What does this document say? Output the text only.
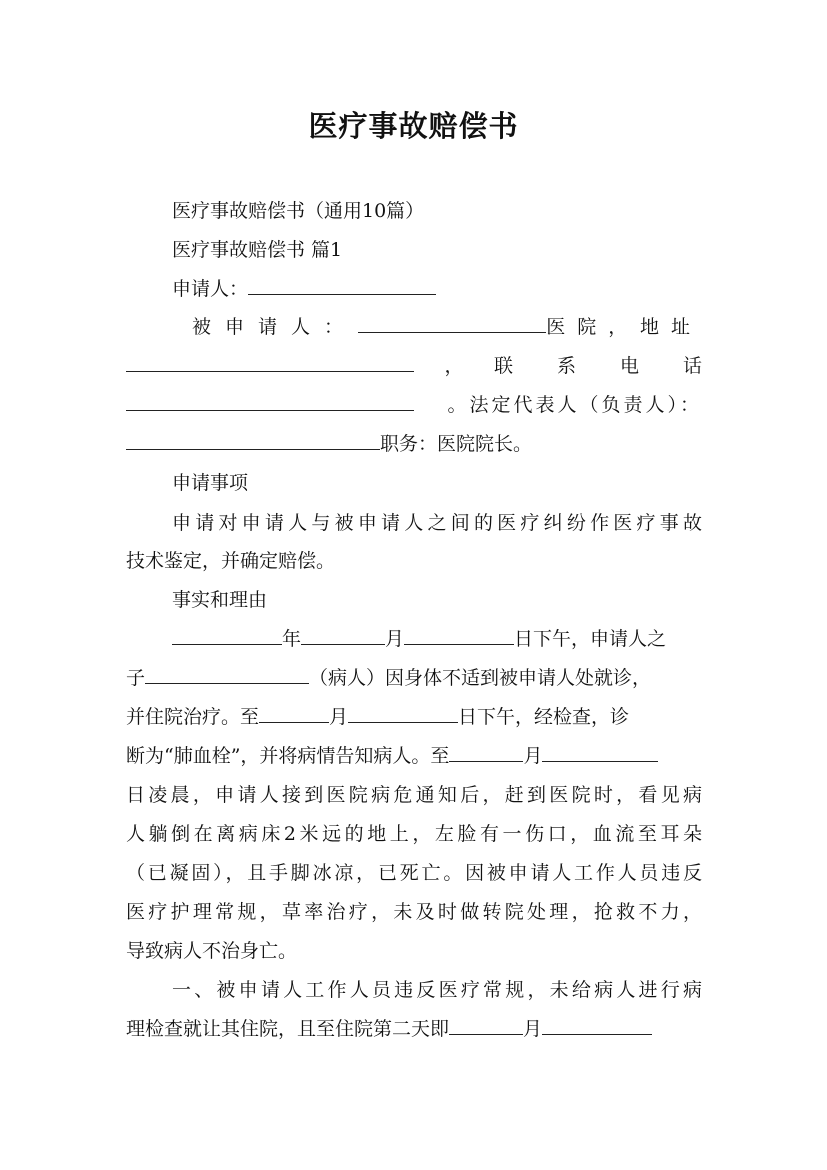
医疗事故赔偿书
医疗事故赔偿书（通用10篇）
医疗事故赔偿书 篇1
申请人：
被申请人：	医院， 地址
， 联系电话
。法定代表人（负责人）：
职务：医院院长。
申请事项
申请对申请人与被申请人之间的医疗纠纷作医疗事故
技术鉴定，并确定赔偿。
事实和理由
年	月	日下午，申请人之
子	（病人）因身体不适到被申请人处就诊，
并住院治疗。至	月	日下午，经检查，诊
断为“肺血栓”，并将病情告知病人。至	月
日凌晨，申请人接到医院病危通知后，赶到医院时，看见病
人躺倒在离病床2米远的地上，左脸有一伤口，血流至耳朵
（已凝固），且手脚冰凉，已死亡。因被申请人工作人员违反
医疗护理常规，草率治疗，未及时做转院处理，抢救不力，
导致病人不治身亡。
一、被申请人工作人员违反医疗常规，未给病人进行病
理检查就让其住院，且至住院第二天即	月
